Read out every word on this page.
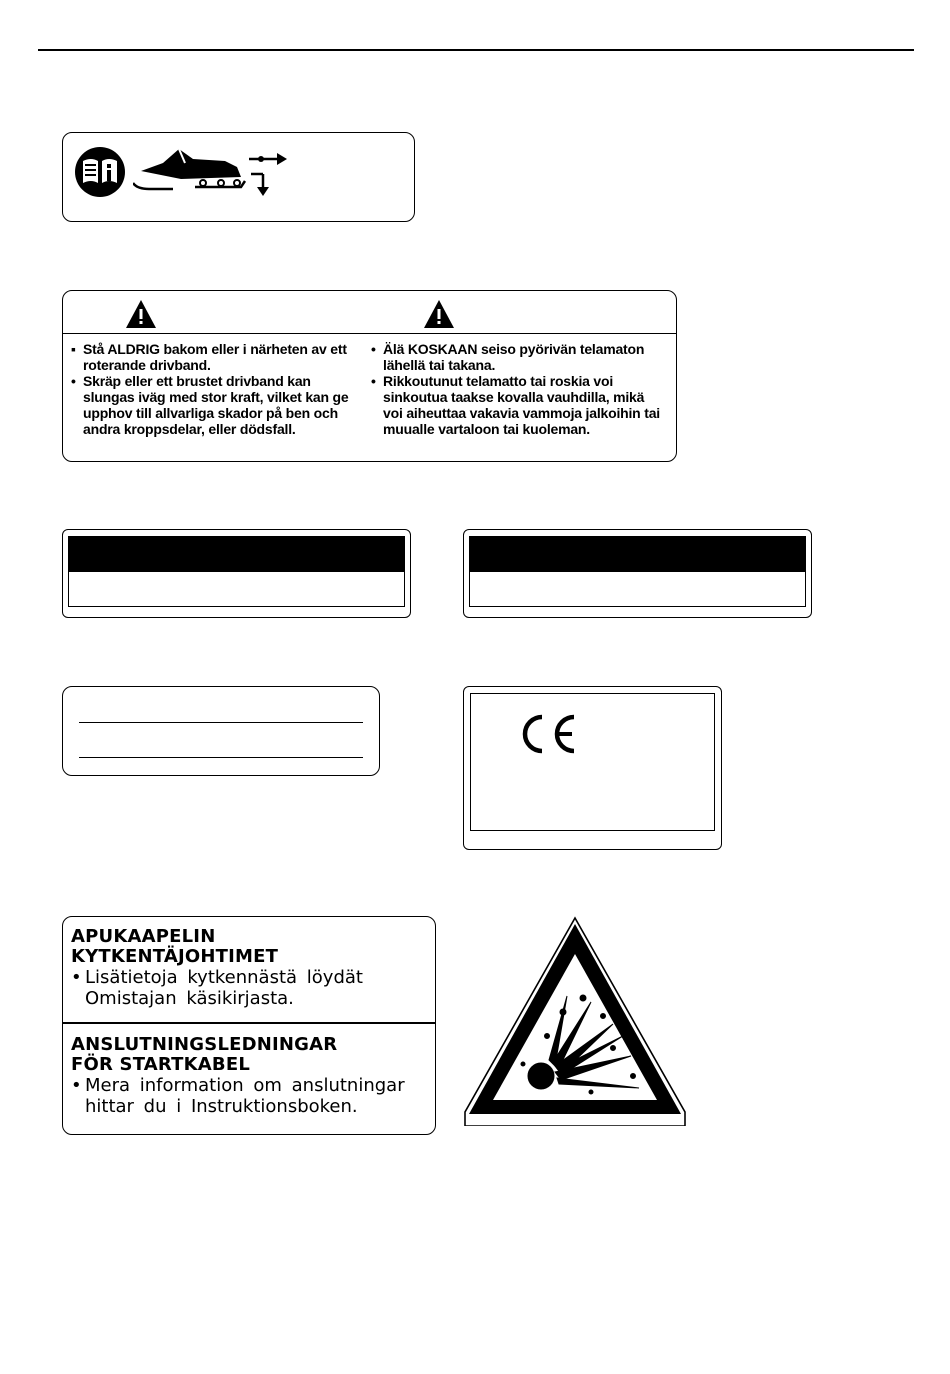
▪ Stå ALDRIG bakom eller i närheten av ett roterande drivband.
• Skräp eller ett brustet drivband kan slungas iväg med stor kraft, vilket kan ge upphov till allvarliga skador på ben och andra kroppsdelar, eller dödsfall.
• Älä KOSKAAN seiso pyörivän telamaton lähellä tai takana.
• Rikkoutunut telamatto tai roskia voi sinkoutua taakse kovalla vauhdilla, mikä voi aiheuttaa vakavia vammoja jalkoihin tai muualle vartaloon tai kuoleman.
APUKAAPELIN
KYTKENTÄJOHTIMET
• Lisätietoja kytkennästä löydät
Omistajan käsikirjasta.
ANSLUTNINGSLEDNINGAR
FÖR STARTKABEL
• Mera information om anslutningar
hittar du i Instruktionsboken.
